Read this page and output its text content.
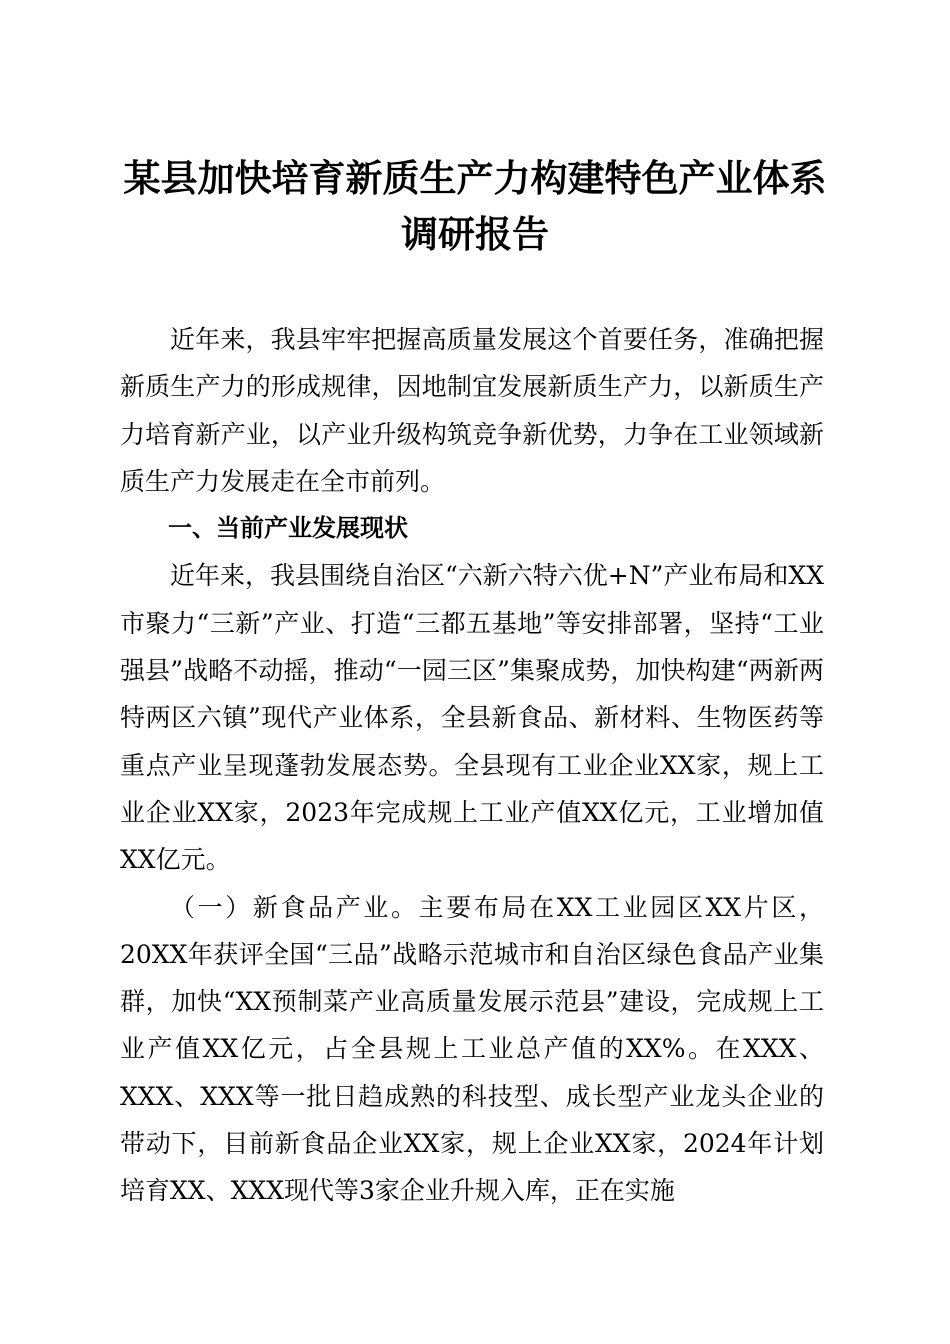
某县加快培育新质生产力构建特色产业体系调研报告

近年来，我县牢牢把握高质量发展这个首要任务，准确把握新质生产力的形成规律，因地制宜发展新质生产力，以新质生产力培育新产业，以产业升级构筑竞争新优势，力争在工业领域新质生产力发展走在全市前列。

一、当前产业发展现状

近年来，我县围绕自治区“六新六特六优+N”产业布局和XX市聚力“三新”产业、打造“三都五基地”等安排部署，坚持“工业强县”战略不动摇，推动“一园三区”集聚成势，加快构建“两新两特两区六镇”现代产业体系，全县新食品、新材料、生物医药等重点产业呈现蓬勃发展态势。全县现有工业企业XX家，规上工业企业XX家，2023年完成规上工业产值XX亿元，工业增加值XX亿元。

（一）新食品产业。主要布局在XX工业园区XX片区，20XX年获评全国“三品”战略示范城市和自治区绿色食品产业集群，加快“XX预制菜产业高质量发展示范县”建设，完成规上工业产值XX亿元，占全县规上工业总产值的XX%。在XXX、XXX、XXX等一批日趋成熟的科技型、成长型产业龙头企业的带动下，目前新食品企业XX家，规上企业XX家，2024年计划培育XX、XXX现代等3家企业升规入库，正在实施
